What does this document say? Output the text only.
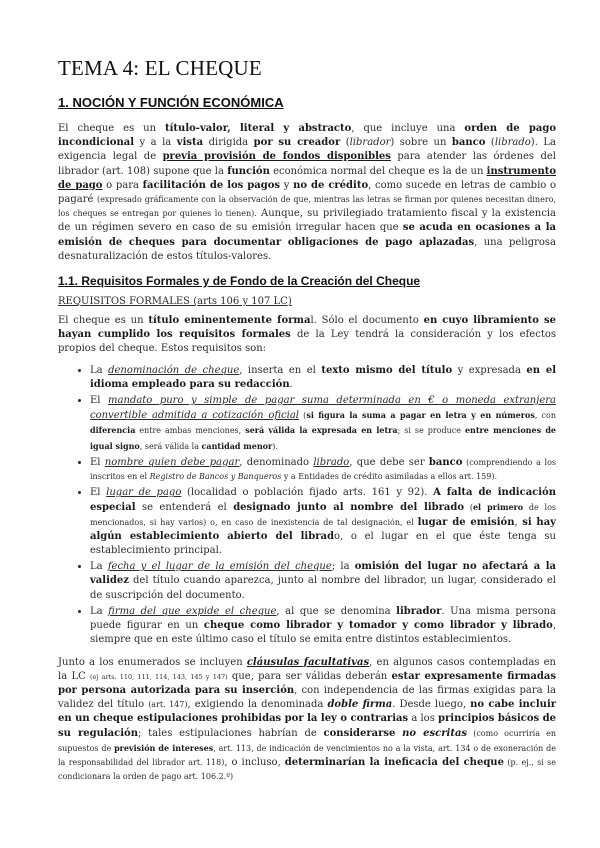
TEMA 4: EL CHEQUE
1. NOCIÓN Y FUNCIÓN ECONÓMICA

El cheque es un título-valor, literal y abstracto, que incluye una orden de pago incondicional y a la vista dirigida por su creador (librador) sobre un banco (librado). La exigencia legal de previa provisión de fondos disponibles para atender las órdenes del librador (art. 108) supone que la función económica normal del cheque es la de un instrumento de pago o para facilitación de los pagos y no de crédito, como sucede en letras de cambio o pagaré (expresado gráficamente con la observación de que, mientras las letras se firman por quienes necesitan dinero, los cheques se entregan por quienes lo tienen). Aunque, su privilegiado tratamiento fiscal y la existencia de un régimen severo en caso de su emisión irregular hacen que se acuda en ocasiones a la emisión de cheques para documentar obligaciones de pago aplazadas, una peligrosa desnaturalización de estos títulos-valores.

1.1. Requisitos Formales y de Fondo de la Creación del Cheque
REQUISITOS FORMALES (arts 106 y 107 LC)

El cheque es un título eminentemente formal. Sólo el documento en cuyo libramiento se hayan cumplido los requisitos formales de la Ley tendrá la consideración y los efectos propios del cheque. Estos requisitos son:

• La denominación de cheque, inserta en el texto mismo del título y expresada en el idioma empleado para su redacción.
• El mandato puro y simple de pagar suma determinada en € o moneda extranjera convertible admitida a cotización oficial (si figura la suma a pagar en letra y en números, con diferencia entre ambas menciones, será válida la expresada en letra; si se produce entre menciones de igual signo, será válida la cantidad menor).
• El nombre quien debe pagar, denominado librado, que debe ser banco (comprendiendo a los inscritos en el Registro de Bancos y Banqueros y a Entidades de crédito asimiladas a ellos art. 159).
• El lugar de pago (localidad o población fijado arts. 161 y 92). A falta de indicación especial se entenderá el designado junto al nombre del librado (el primero de los mencionados, si hay varios) o, en caso de inexistencia de tal designación, el lugar de emisión, si hay algún establecimiento abierto del librado, o el lugar en el que éste tenga su establecimiento principal.
• La fecha y el lugar de la emisión del cheque; la omisión del lugar no afectará a la validez del título cuando aparezca, junto al nombre del librador, un lugar, considerado el de suscripción del documento.
• La firma del que expide el cheque, al que se denomina librador. Una misma persona puede figurar en un cheque como librador y tomador y como librador y librado, siempre que en este último caso el título se emita entre distintos establecimientos.

Junto a los enumerados se incluyen cláusulas facultativas, en algunos casos contempladas en la LC (ej arts. 110, 111, 114, 143, 145 y 147) que, para ser válidas deberán estar expresamente firmadas por persona autorizada para su inserción, con independencia de las firmas exigidas para la validez del título (art. 147), exigiendo la denominada doble firma. Desde luego, no cabe incluir en un cheque estipulaciones prohibidas por la ley o contrarias a los principios básicos de su regulación; tales estipulaciones habrían de considerarse no escritas (como ocurriría en supuestos de previsión de intereses, art. 113, de indicación de vencimientos no a la vista, art. 134 o de exoneración de la responsabilidad del librador art. 118), o incluso, determinarían la ineficacia del cheque (p. ej., si se condicionara la orden de pago art. 106.2.º)
